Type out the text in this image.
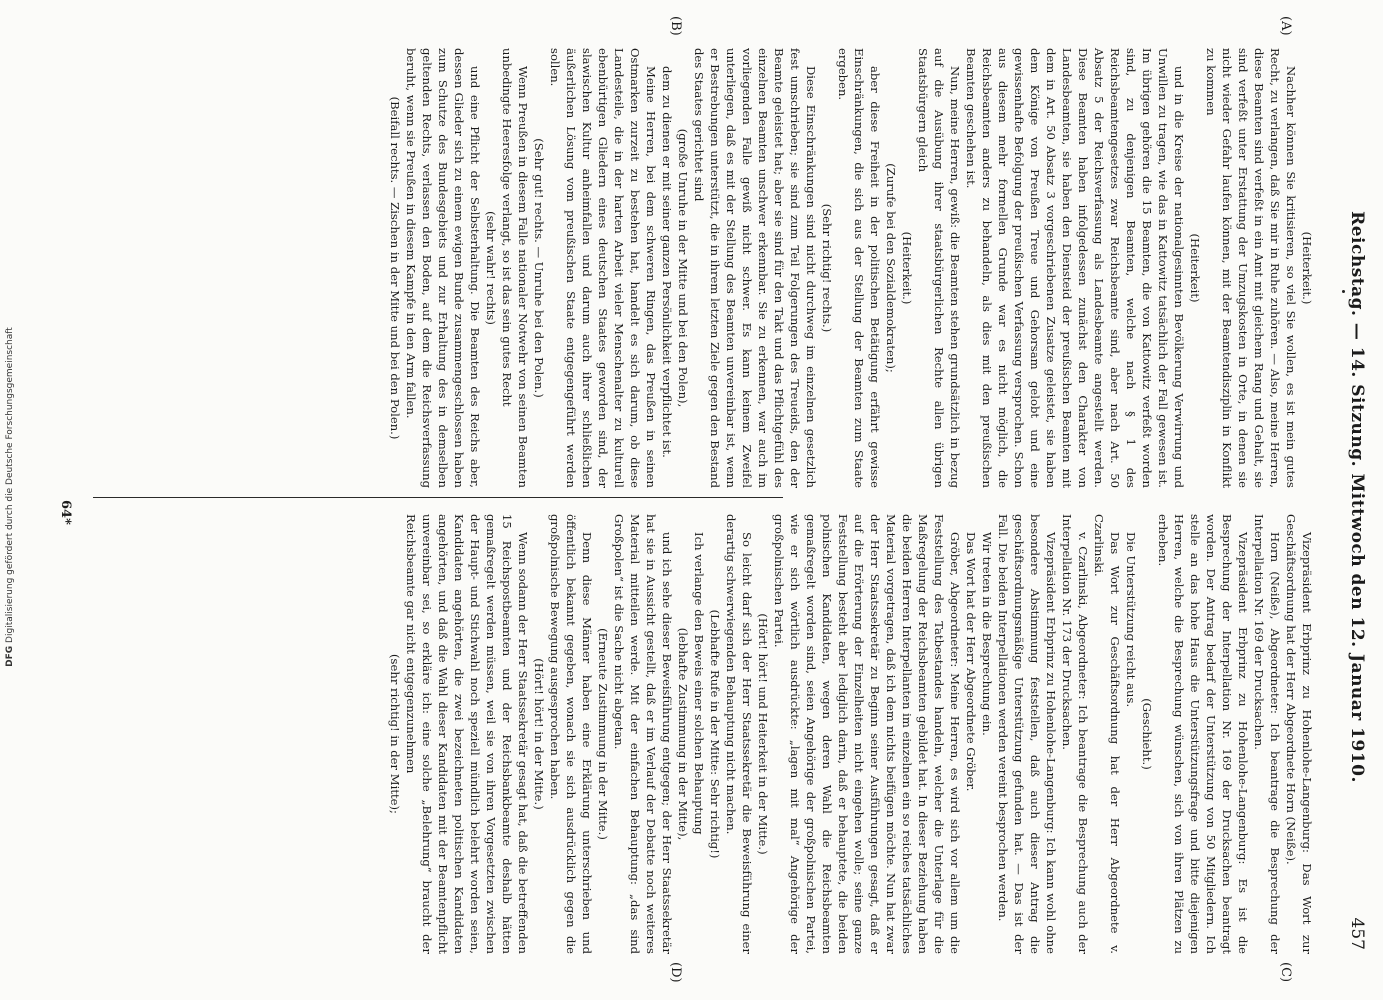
Reichstag. — 14. Sitzung. Mittwoch den 12. Januar 1910.
457
(A)
(B)
(C)
(D)

(Heiterkeit.)

Nachher können Sie kritisieren, so viel Sie wollen, es ist mein gutes Recht, zu verlangen, daß Sie mir in Ruhe zuhören. — Also, meine Herren, diese Beamten sind verfeßt in ein Amt mit gleichem Rang und Gehalt, sie sind verfeßt unter Erstattung der Umzugskosten in Orte, in denen sie nicht wieder Gefahr laufen können, mit der Beamtendisziplin in Konflikt zu kommen

(Heiterkeit)

und in die Kreise der nationalgesinnten Bevölkerung Verwirrung und Unwillen zu tragen, wie das in Kattowitz tatsächlich der Fall gewesen ist. Im übrigen gehören die 15 Beamten, die von Kattowitz verfeßt worden sind, zu denjenigen Beamten, welche nach § 1 des Reichsbeamtengesetzes zwar Reichsbeamte sind, aber nach Art. 50 Absatz 5 der Reichsverfassung als Landesbeamte angestellt werden. Diese Beamten haben infolgedessen zunächst den Charakter von Landesbeamten, sie haben den Diensteid der preußischen Beamten mit dem in Art. 50 Absatz 3 vorgeschriebenen Zusatze geleistet, sie haben dem Könige von Preußen Treue und Gehorsam gelobt und eine gewissenhafte Befolgung der preußischen Verfassung versprochen. Schon aus diesem mehr formellen Grunde war es nicht möglich, die Reichsbeamten anders zu behandeln, als dies mit den preußischen Beamten geschehen ist.

Nun, meine Herren, gewiß: die Beamten stehen grundsätzlich in bezug auf die Ausübung ihrer staatsbürgerlichen Rechte allen übrigen Staatsbürgern gleich

(Heiterkeit.)

(Zurufe bei den Sozialdemokraten);

aber diese Freiheit in der politischen Betätigung erfährt gewisse Einschränkungen, die sich aus der Stellung der Beamten zum Staate ergeben.

(Sehr richtig! rechts.)

Diese Einschränkungen sind nicht durchweg im einzelnen gesetzlich fest umschrieben; sie sind zum Teil Folgerungen des Treueids, den der Beamte geleistet hat; aber sie sind für den Takt und das Pflichtgefühl des einzelnen Beamten unschwer erkennbar. Sie zu erkennen, war auch im vorliegenden Falle gewiß nicht schwer. Es kann keinem Zweifel unterliegen, daß es mit der Stellung des Beamten unvereinbar ist, wenn er Bestrebungen unterstützt, die in ihrem letzten Ziele gegen den Bestand des Staates gerichtet sind

(große Unruhe in der Mitte und bei den Polen),

dem zu dienen er mit seiner ganzen Persönlichkeit verpflichtet ist.

Meine Herren, bei dem schweren Ringen, das Preußen in seinen Ostmarken zurzeit zu bestehen hat, handelt es sich darum, ob diese Landesteile, die in der harten Arbeit vieler Menschenalter zu kulturell ebenbürtigen Gliedern eines deutschen Staates geworden sind, der slawischen Kultur anheimfallen und darum auch ihrer schließlichen äußerlichen Lösung vom preußischen Staate entgegengeführt werden sollen.

(Sehr gut! rechts. — Unruhe bei den Polen.)

Wenn Preußen in diesem Falle nationaler Notwehr von seinen Beamten unbedingte Heeresfolge verlangt, so ist das sein gutes Recht

(sehr wahr! rechts)

und eine Pflicht der Selbsterhaltung. Die Beamten des Reichs aber, dessen Glieder sich zu einem ewigen Bunde zusammengeschlossen haben zum Schutze des Bundesgebiets und zur Erhaltung des in demselben geltenden Rechts, verlassen den Boden, auf dem die Reichsverfassung beruht, wenn sie Preußen in diesem Kampfe in den Arm fallen.

(Beifall rechts. — Zischen in der Mitte und bei den Polen.)

Vizepräsident Erbprinz zu Hohenlohe-Langenburg: Das Wort zur Geschäftsordnung hat der Herr Abgeordnete Horn (Neiße).

Horn (Neiße), Abgeordneter: Ich beantrage die Besprechung der Interpellation Nr. 169 der Drucksachen.

Vizepräsident Erbprinz zu Hohenlohe-Langenburg: Es ist die Besprechung der Interpellation Nr. 169 der Drucksachen beantragt worden. Der Antrag bedarf der Unterstützung von 50 Mitgliedern. Ich stelle an das hohe Haus die Unterstützungsfrage und bitte diejenigen Herren, welche die Besprechung wünschen, sich von ihren Plätzen zu erheben.

(Geschieht.)

Die Unterstützung reicht aus.

Das Wort zur Geschäftsordnung hat der Herr Abgeordnete v. Czarlinski.

v. Czarlinski, Abgeordneter: Ich beantrage die Besprechung auch der Interpellation Nr. 173 der Drucksachen.

Vizepräsident Erbprinz zu Hohenlohe-Langenburg: Ich kann wohl ohne besondere Abstimmung feststellen, daß auch dieser Antrag die geschäftsordnungsmäßige Unterstützung gefunden hat. — Das ist der Fall. Die beiden Interpellationen werden vereint besprochen werden.

Wir treten in die Besprechung ein.

Das Wort hat der Herr Abgeordnete Gröber.

Gröber, Abgeordneter: Meine Herren, es wird sich vor allem um die Feststellung des Tatbestandes handeln, welcher die Unterlage für die Maßregelung der Reichsbeamten gebildet hat. In dieser Beziehung haben die beiden Herren Interpellanten im einzelnen ein so reiches tatsächliches Material vorgetragen, daß ich dem nichts beifügen möchte. Nun hat zwar der Herr Staatssekretär zu Beginn seiner Ausführungen gesagt, daß er auf die Erörterung der Einzelheiten nicht eingehen wolle; seine ganze Feststellung besteht aber lediglich darin, daß er behauptete, die beiden polnischen Kandidaten, wegen deren Wahl die Reichsbeamten gemaßregelt worden sind, seien Angehörige der großpolnischen Partei, wie er sich wörtlich ausdrückte: „lagen mit mal“ Angehörige der großpolnischen Partei.

(Hört! hört! und Heiterkeit in der Mitte.)

So leicht darf sich der Herr Staatssekretär die Beweisführung einer derartig schwerwiegenden Behauptung nicht machen.

(Lebhafte Rufe in der Mitte: Sehr richtig!)

Ich verlange den Beweis einer solchen Behauptung

(lebhafte Zustimmung in der Mitte),

und ich sehe dieser Beweisführung entgegen; der Herr Staatssekretär hat sie in Aussicht gestellt, daß er im Verlauf der Debatte noch weiteres Material mitteilen werde. Mit der einfachen Behauptung: „das sind Großpolen“ ist die Sache nicht abgetan.

(Erneute Zustimmung in der Mitte.)

Denn diese Männer haben eine Erklärung unterschrieben und öffentlich bekannt gegeben, wonach sie sich ausdrücklich gegen die großpolnische Bewegung ausgesprochen haben.

(Hört! hört! in der Mitte.)

Wenn sodann der Herr Staatssekretär gesagt hat, daß die betreffenden 15 Reichspostbeamten und der Reichsbankbeamte deshalb hätten gemaßregelt werden müssen, weil sie von ihren Vorgesetzten zwischen der Haupt- und Stichwahl noch speziell mündlich belehrt worden seien, Kandidaten angehörten, die zwei bezeichneten politischen Kandidaten angehörten, und daß die Wahl dieser Kandidaten mit der Beamtenpflicht unvereinbar sei, so erkläre ich: eine solche „Belehrung“ braucht der Reichsbeamte gar nicht entgegenzunehmen

(sehr richtig! in der Mitte);

64*
DFG Digitalisierung gefördert durch die Deutsche Forschungsgemeinschaft
